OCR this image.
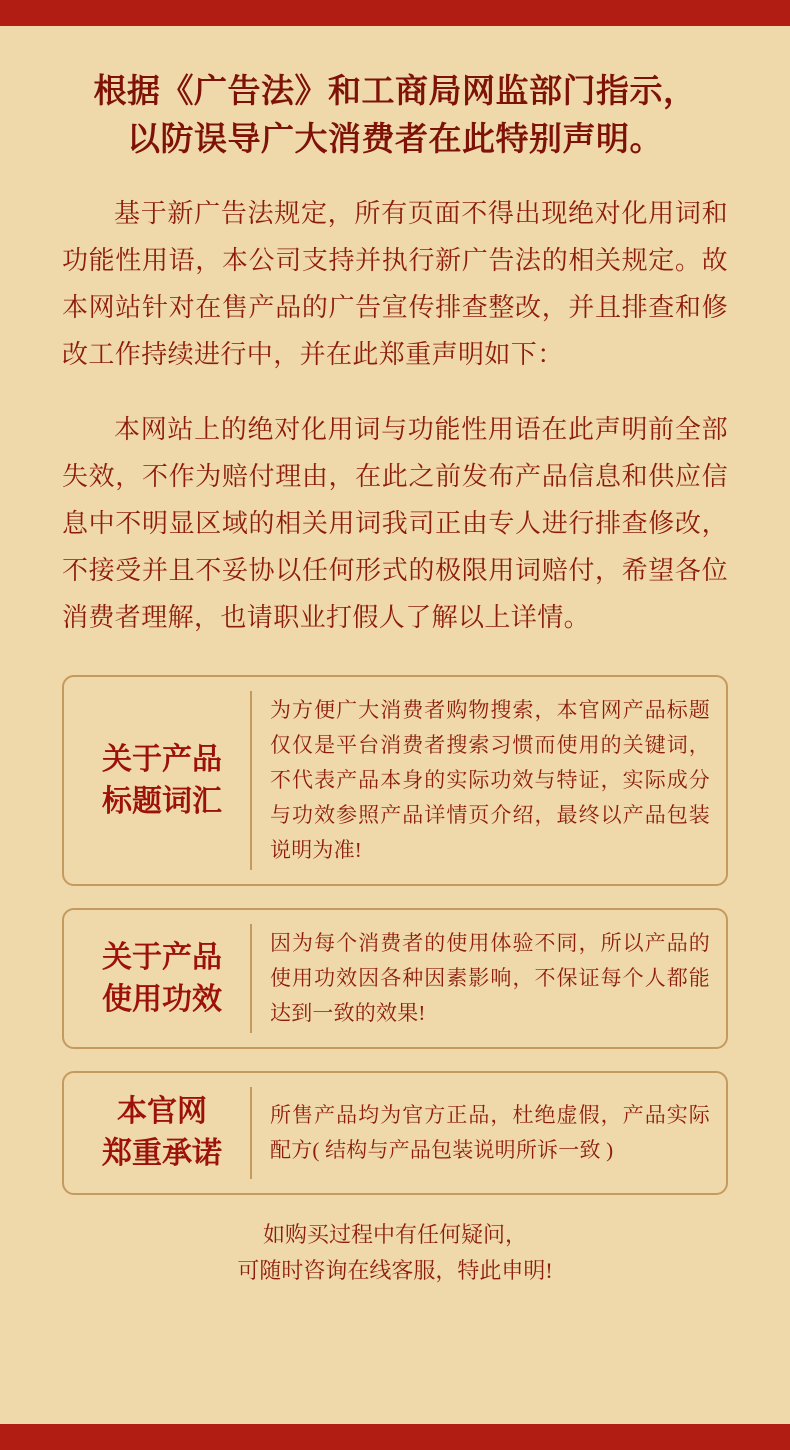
根据《广告法》和工商局网监部门指示，
以防误导广大消费者在此特别声明。

基于新广告法规定，所有页面不得出现绝对化用词和功能性用语，本公司支持并执行新广告法的相关规定。故本网站针对在售产品的广告宣传排查整改，并且排查和修改工作持续进行中，并在此郑重声明如下：

本网站上的绝对化用词与功能性用语在此声明前全部失效，不作为赔付理由，在此之前发布产品信息和供应信息中不明显区域的相关用词我司正由专人进行排查修改，不接受并且不妥协以任何形式的极限用词赔付，希望各位消费者理解，也请职业打假人了解以上详情。

关于产品
标题词汇
为方便广大消费者购物搜索，本官网产品标题仅仅是平台消费者搜索习惯而使用的关键词，不代表产品本身的实际功效与特证，实际成分与功效参照产品详情页介绍，最终以产品包装说明为准!
关于产品
使用功效
因为每个消费者的使用体验不同，所以产品的使用功效因各种因素影响，不保证每个人都能达到一致的效果!
本官网
郑重承诺
所售产品均为官方正品，杜绝虚假，产品实际配方( 结构与产品包装说明所诉一致 )
如购买过程中有任何疑问，
可随时咨询在线客服，特此申明!
